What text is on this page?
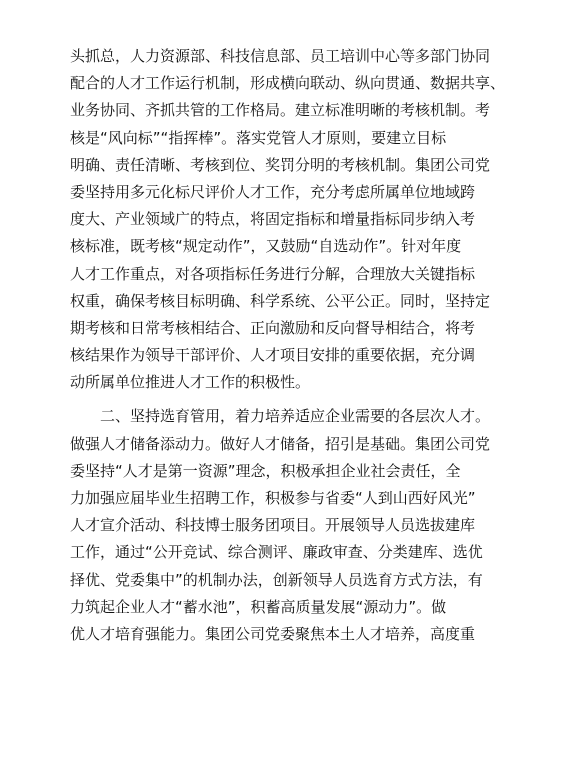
头抓总，人力资源部、科技信息部、员工培训中心等多部门协同
配合的人才工作运行机制，形成横向联动、纵向贯通、数据共享、
业务协同、齐抓共管的工作格局。建立标准明晰的考核机制。考
核是“风向标”“指挥棒”。落实党管人才原则，要建立目标
明确、责任清晰、考核到位、奖罚分明的考核机制。集团公司党
委坚持用多元化标尺评价人才工作，充分考虑所属单位地域跨
度大、产业领域广的特点，将固定指标和增量指标同步纳入考
核标准，既考核“规定动作”，又鼓励“自选动作”。针对年度
人才工作重点，对各项指标任务进行分解，合理放大关键指标
权重，确保考核目标明确、科学系统、公平公正。同时，坚持定
期考核和日常考核相结合、正向激励和反向督导相结合，将考
核结果作为领导干部评价、人才项目安排的重要依据，充分调
动所属单位推进人才工作的积极性。
二、坚持选育管用，着力培养适应企业需要的各层次人才。
做强人才储备添动力。做好人才储备，招引是基础。集团公司党
委坚持“人才是第一资源”理念，积极承担企业社会责任，全
力加强应届毕业生招聘工作，积极参与省委“人到山西好风光”
人才宣介活动、科技博士服务团项目。开展领导人员选拔建库
工作，通过“公开竞试、综合测评、廉政审查、分类建库、选优
择优、党委集中”的机制办法，创新领导人员选育方式方法，有
力筑起企业人才“蓄水池”，积蓄高质量发展“源动力”。做
优人才培育强能力。集团公司党委聚焦本土人才培养，高度重
